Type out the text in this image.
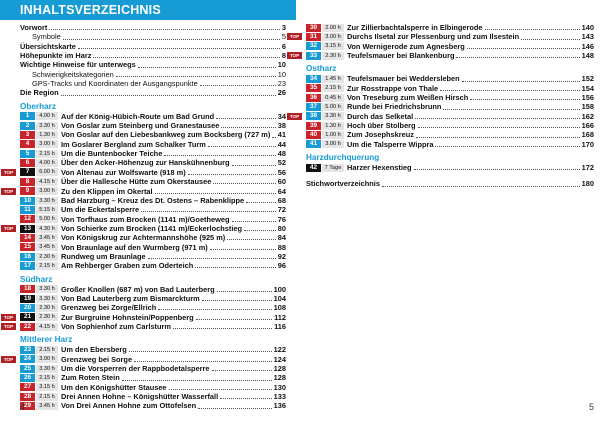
INHALTSVERZEICHNIS
Vorwort	3
Symbole	5
Übersichtskarte	6
Höhepunkte im Harz	8
Wichtige Hinweise für unterwegs	10
Schwierigkeitskategorien	10
GPS-Tracks und Koordinaten der Ausgangspunkte	23
Die Region	26
Oberharz
1	4.00 h Auf der König-Hübich-Route um Bad Grund	34
2	3.30 h Von Goslar zum Steinberg und Granestausee	38
3	1.30 h Von Goslar auf den Liebesbankweg zum Bocksberg (727 m) 41
4	3.00 h Im Goslarer Bergland zum Schalker Turm	44
5	2.15 h Um die Buntenbocker Teiche	48
6	4.00 h Über den Acker-Höhenzug zur Hanskühnenburg	52
TOP	7	6.00 h Von Altenau zur Wolfswarte (918 m)	56
8	4.15 h Über die Hallesche Hütte zum Okerstausee	60
TOP	9	3.00 h Zu den Klippen im Okertal	64
10	3.30 h Bad Harzburg – Kreuz des Dt. Ostens – Rabenklippe	68
11	5.15 h Um die Eckertalsperre	72
12	5.00 h Von Torfhaus zum Brocken (1141 m)/Goetheweg	76
TOP	13	4.30 h Von Schierke zum Brocken (1141 m)/Eckerlochstieg	80
14	3.45 h Von Königskrug zur Achtermannshöhe (925 m)	84
15	3.45 h Von Braunlage auf den Wurmberg (971 m)	88
16	2.30 h Rundweg um Braunlage	92
17	2.15 h Am Rehberger Graben zum Oderteich	96
Südharz
18	3.30 h Großer Knollen (687 m) von Bad Lauterberg	100
19	3.30 h Von Bad Lauterberg zum Bismarckturm	104
20	2.30 h Grenzweg bei Zorge/Ellrich	108
TOP	21	2.30 h Zur Burgruine Hohnstein/Poppenberg	112
TOP	22	4.15 h Von Sophienhof zum Carlsturm	116
Mittlerer Harz
23	2.15 h Um den Ebersberg	122
TOP	24	3.00 h Grenzweg bei Sorge	124
25	3.30 h Um die Vorsperren der Rappbodetalsperre	128
26	2.15 h Zum Roten Stein	128
27	3.15 h Um den Königshütter Stausee	130
28	2.15 h Drei Annen Hohne – Königshütter Wasserfall	133
29	3.45 h Von Drei Annen Hohne zum Ottofelsen	136
4
30	2.00 h Zur Zillierbachtalsperre in Elbingerode	140
TOP	31	3.00 h Durchs Ilsetal zur Plessenburg und zum Ilsestein	143
32	3.15 h Von Wernigerode zum Agnesberg	146
TOP	33	2.30 h Teufelsmauer bei Blankenburg	148
Ostharz
34	1.45 h Teufelsmauer bei Weddersleben	152
35	2.15 h Zur Rosstrappe von Thale	154
36	0.45 h Von Treseburg zum Weißen Hirsch	156
37	5.00 h Runde bei Friedrichsbrunn	158
TOP	38	3.30 h Durch das Selketal	162
39	1.30 h Hoch über Stolberg	166
40	1.00 h Zum Josephskreuz	168
41	3.00 h Um die Talsperre Wippra	170
Harzdurchquerung
42	7 Tage Harzer Hexenstieg	172
Stichwortverzeichnis	180
5
